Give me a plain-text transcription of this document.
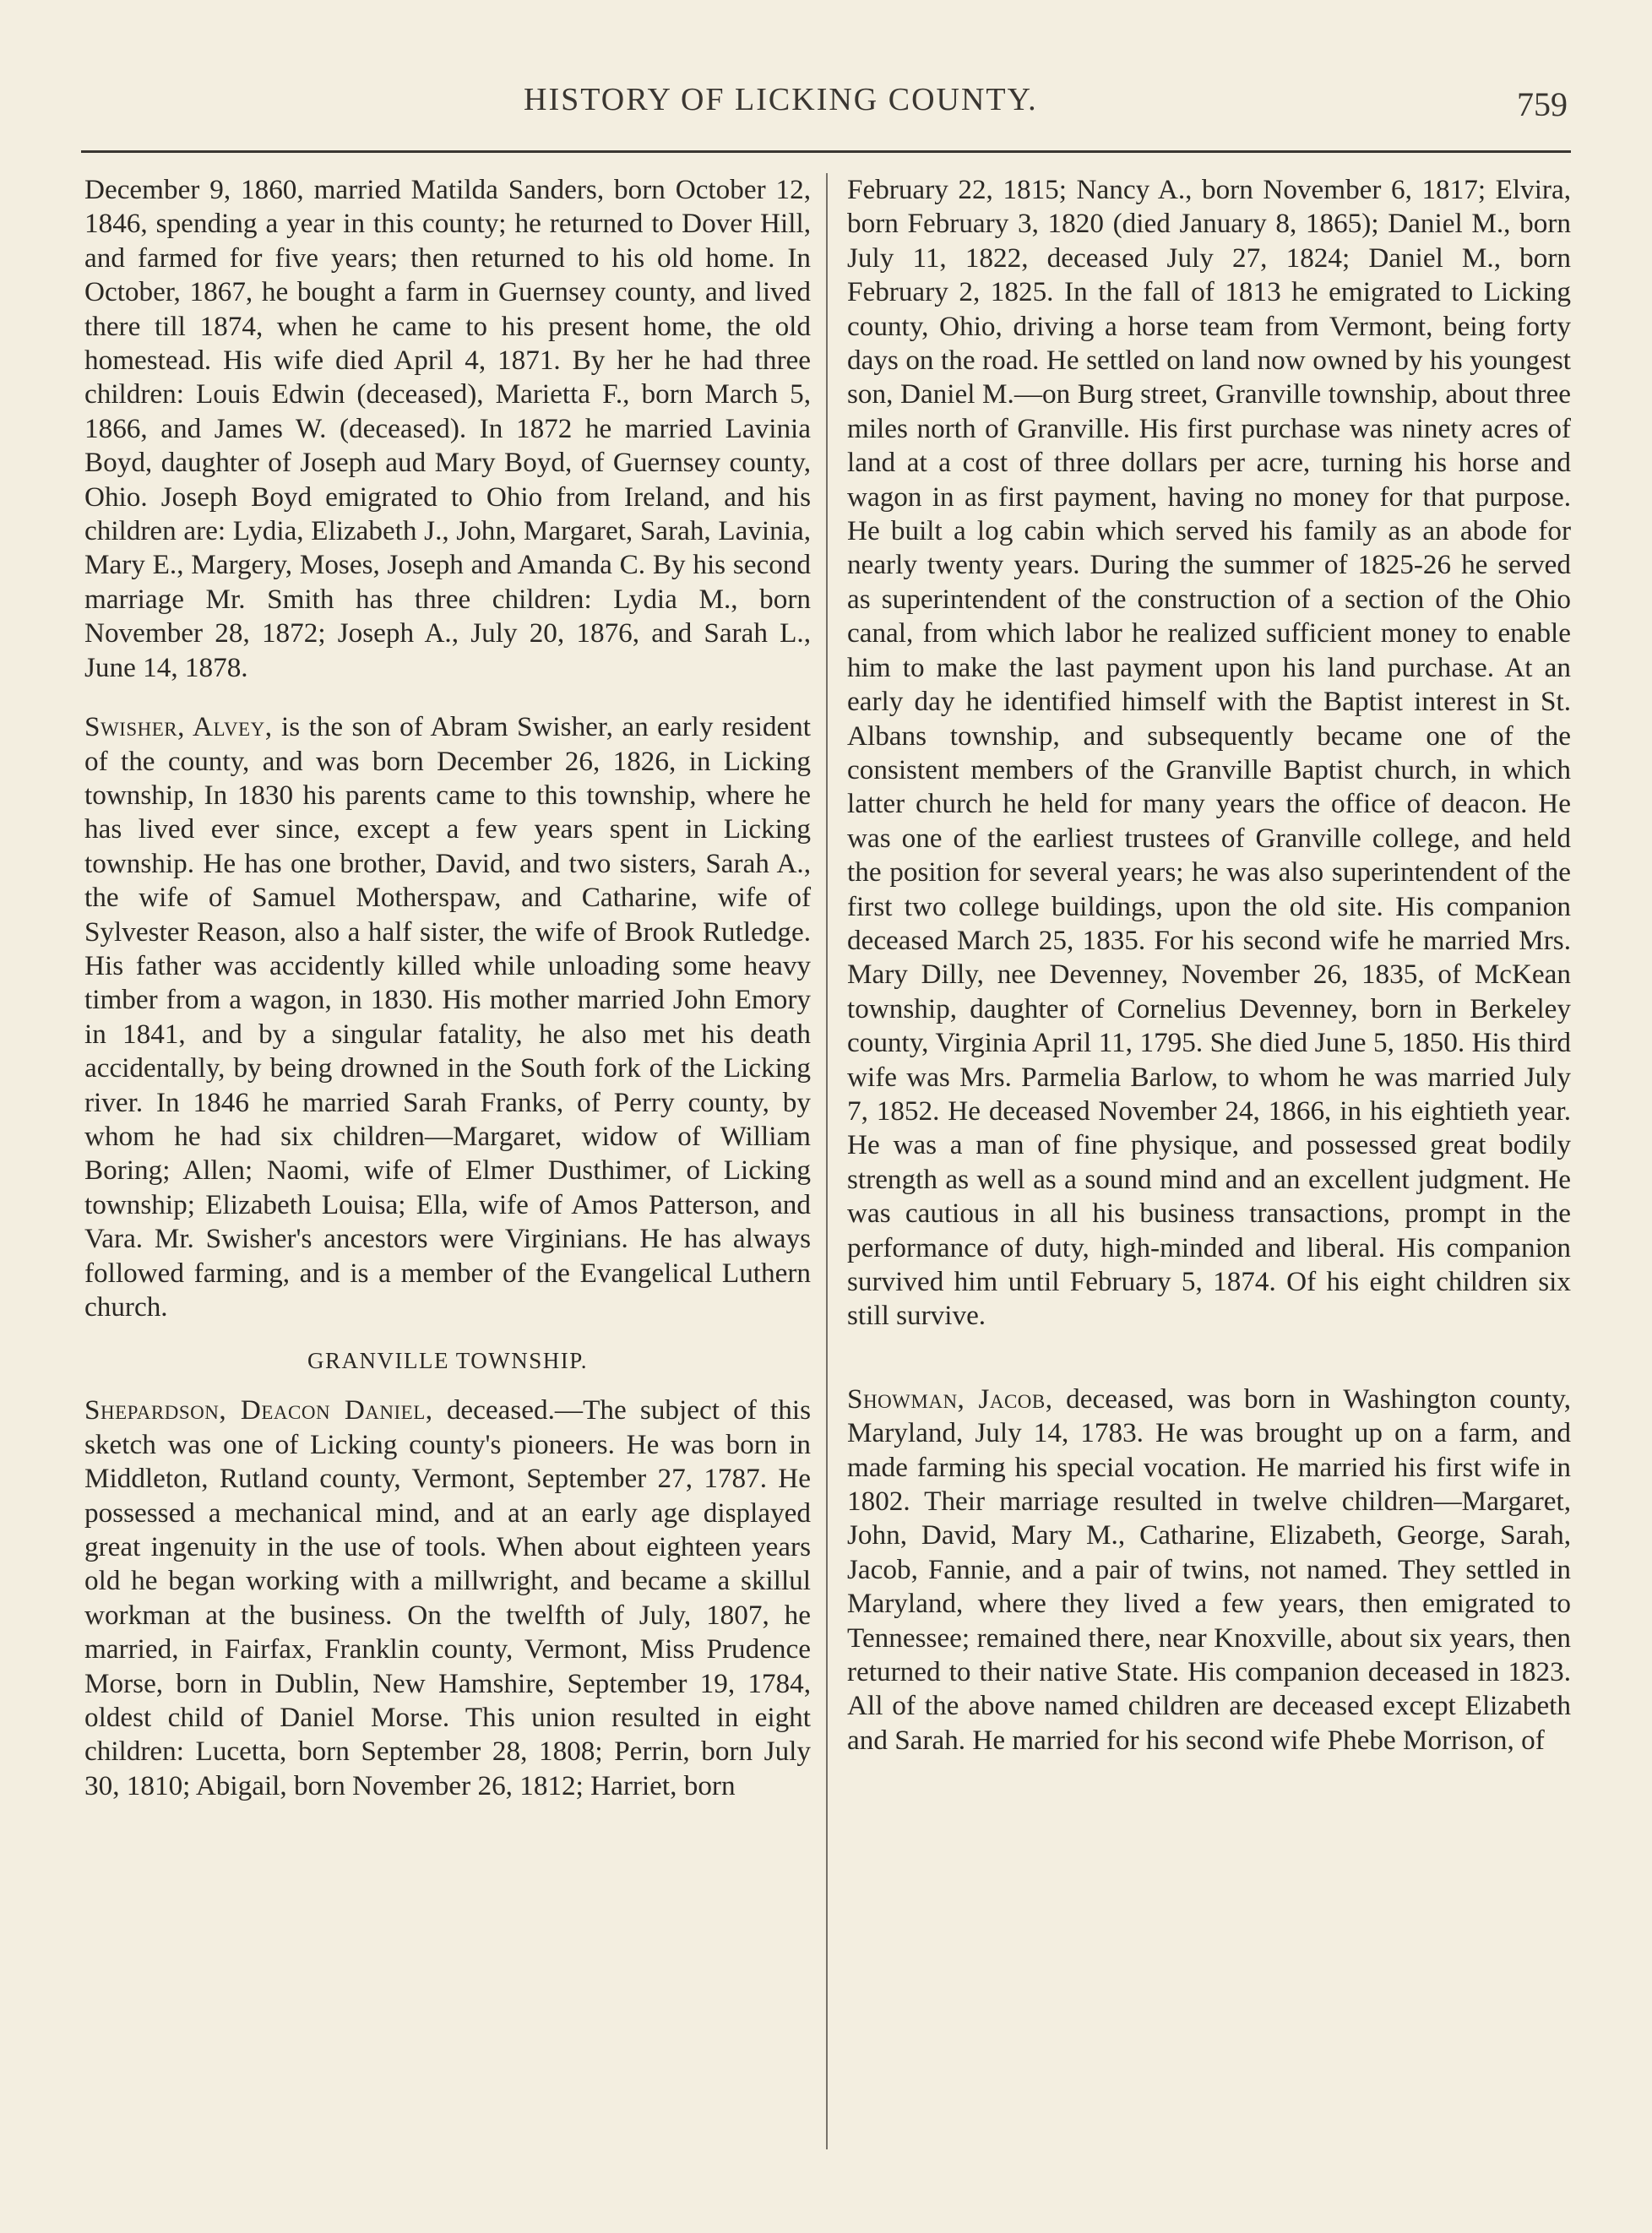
HISTORY OF LICKING COUNTY.	759

December 9, 1860, married Matilda Sanders, born October 12, 1846, spending a year in this county; he returned to Dover Hill, and farmed for five years; then returned to his old home. In October, 1867, he bought a farm in Guernsey county, and lived there till 1874, when he came to his present home, the old homestead. His wife died April 4, 1871. By her he had three children: Louis Edwin (deceased), Marietta F., born March 5, 1866, and James W. (deceased). In 1872 he married Lavinia Boyd, daughter of Joseph aud Mary Boyd, of Guernsey county, Ohio. Joseph Boyd emigrated to Ohio from Ireland, and his children are: Lydia, Elizabeth J., John, Margaret, Sarah, Lavinia, Mary E., Margery, Moses, Joseph and Amanda C. By his second marriage Mr. Smith has three children: Lydia M., born November 28, 1872; Joseph A., July 20, 1876, and Sarah L., June 14, 1878.

Swisher, Alvey, is the son of Abram Swisher, an early resident of the county, and was born December 26, 1826, in Licking township, In 1830 his parents came to this township, where he has lived ever since, except a few years spent in Licking township. He has one brother, David, and two sisters, Sarah A., the wife of Samuel Motherspaw, and Catharine, wife of Sylvester Reason, also a half sister, the wife of Brook Rutledge. His father was accidently killed while unloading some heavy timber from a wagon, in 1830. His mother married John Emory in 1841, and by a singular fatality, he also met his death accidentally, by being drowned in the South fork of the Licking river. In 1846 he married Sarah Franks, of Perry county, by whom he had six children—Margaret, widow of William Boring; Allen; Naomi, wife of Elmer Dusthimer, of Licking township; Elizabeth Louisa; Ella, wife of Amos Patterson, and Vara. Mr. Swisher's ancestors were Virginians. He has always followed farming, and is a member of the Evangelical Luthern church.

GRANVILLE TOWNSHIP.

Shepardson, Deacon Daniel, deceased.—The subject of this sketch was one of Licking county's pioneers. He was born in Middleton, Rutland county, Vermont, September 27, 1787. He possessed a mechanical mind, and at an early age displayed great ingenuity in the use of tools. When about eighteen years old he began working with a millwright, and became a skillul workman at the business. On the twelfth of July, 1807, he married, in Fairfax, Franklin county, Vermont, Miss Prudence Morse, born in Dublin, New Hamshire, September 19, 1784, oldest child of Daniel Morse. This union resulted in eight children: Lucetta, born September 28, 1808; Perrin, born July 30, 1810; Abigail, born November 26, 1812; Harriet, born

February 22, 1815; Nancy A., born November 6, 1817; Elvira, born February 3, 1820 (died January 8, 1865); Daniel M., born July 11, 1822, deceased July 27, 1824; Daniel M., born February 2, 1825. In the fall of 1813 he emigrated to Licking county, Ohio, driving a horse team from Vermont, being forty days on the road. He settled on land now owned by his youngest son, Daniel M.—on Burg street, Granville township, about three miles north of Granville. His first purchase was ninety acres of land at a cost of three dollars per acre, turning his horse and wagon in as first payment, having no money for that purpose. He built a log cabin which served his family as an abode for nearly twenty years. During the summer of 1825-26 he served as superintendent of the construction of a section of the Ohio canal, from which labor he realized sufficient money to enable him to make the last payment upon his land purchase. At an early day he identified himself with the Baptist interest in St. Albans township, and subsequently became one of the consistent members of the Granville Baptist church, in which latter church he held for many years the office of deacon. He was one of the earliest trustees of Granville college, and held the position for several years; he was also superintendent of the first two college buildings, upon the old site. His companion deceased March 25, 1835. For his second wife he married Mrs. Mary Dilly, nee Devenney, November 26, 1835, of McKean township, daughter of Cornelius Devenney, born in Berkeley county, Virginia April 11, 1795. She died June 5, 1850. His third wife was Mrs. Parmelia Barlow, to whom he was married July 7, 1852. He deceased November 24, 1866, in his eightieth year. He was a man of fine physique, and possessed great bodily strength as well as a sound mind and an excellent judgment. He was cautious in all his business transactions, prompt in the performance of duty, high-minded and liberal. His companion survived him until February 5, 1874. Of his eight children six still survive.

Showman, Jacob, deceased, was born in Washington county, Maryland, July 14, 1783. He was brought up on a farm, and made farming his special vocation. He married his first wife in 1802. Their marriage resulted in twelve children—Margaret, John, David, Mary M., Catharine, Elizabeth, George, Sarah, Jacob, Fannie, and a pair of twins, not named. They settled in Maryland, where they lived a few years, then emigrated to Tennessee; remained there, near Knoxville, about six years, then returned to their native State. His companion deceased in 1823. All of the above named children are deceased except Elizabeth and Sarah. He married for his second wife Phebe Morrison, of
